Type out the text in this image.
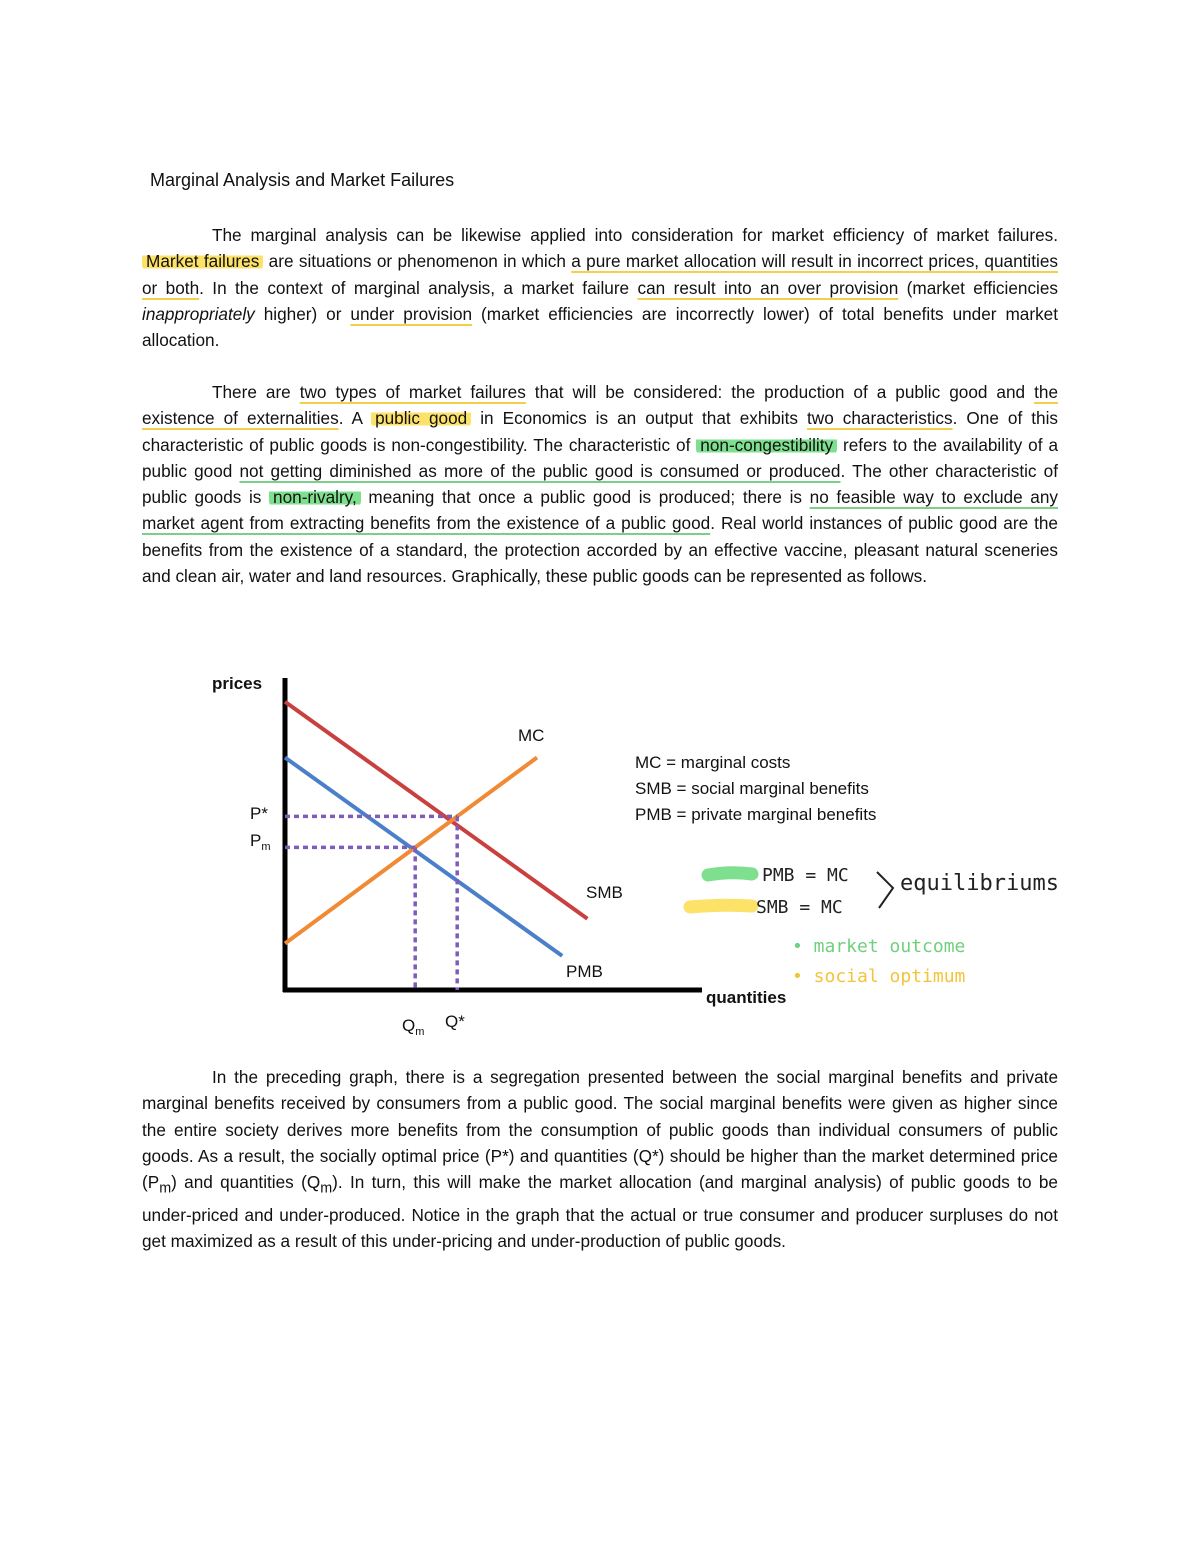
Marginal Analysis and Market Failures

The marginal analysis can be likewise applied into consideration for market efficiency of market failures. Market failures are situations or phenomenon in which a pure market allocation will result in incorrect prices, quantities or both. In the context of marginal analysis, a market failure can result into an over provision (market efficiencies inappropriately higher) or under provision (market efficiencies are incorrectly lower) of total benefits under market allocation.

There are two types of market failures that will be considered: the production of a public good and the existence of externalities. A public good in Economics is an output that exhibits two characteristics. One of this characteristic of public goods is non-congestibility. The characteristic of non-congestibility refers to the availability of a public good not getting diminished as more of the public good is consumed or produced. The other characteristic of public goods is non-rivalry, meaning that once a public good is produced; there is no feasible way to exclude any market agent from extracting benefits from the existence of a public good. Real world instances of public good are the benefits from the existence of a standard, the protection accorded by an effective vaccine, pleasant natural sceneries and clean air, water and land resources. Graphically, these public goods can be represented as follows.

prices
quantities
MC
SMB
PMB
P*
$P_m$
$Q_m$
Q*
MC = marginal costs
SMB = social marginal benefits
PMB = private marginal benefits
PMB = MC
SMB = MC
equilibriums
• market outcome
• social optimum

In the preceding graph, there is a segregation presented between the social marginal benefits and private marginal benefits received by consumers from a public good. The social marginal benefits were given as higher since the entire society derives more benefits from the consumption of public goods than individual consumers of public goods. As a result, the socially optimal price (P*) and quantities (Q*) should be higher than the market determined price $(P_m)$ and quantities $(Q_m)$. In turn, this will make the market allocation (and marginal analysis) of public goods to be under-priced and under-produced. Notice in the graph that the actual or true consumer and producer surpluses do not get maximized as a result of this under-pricing and under-production of public goods.
